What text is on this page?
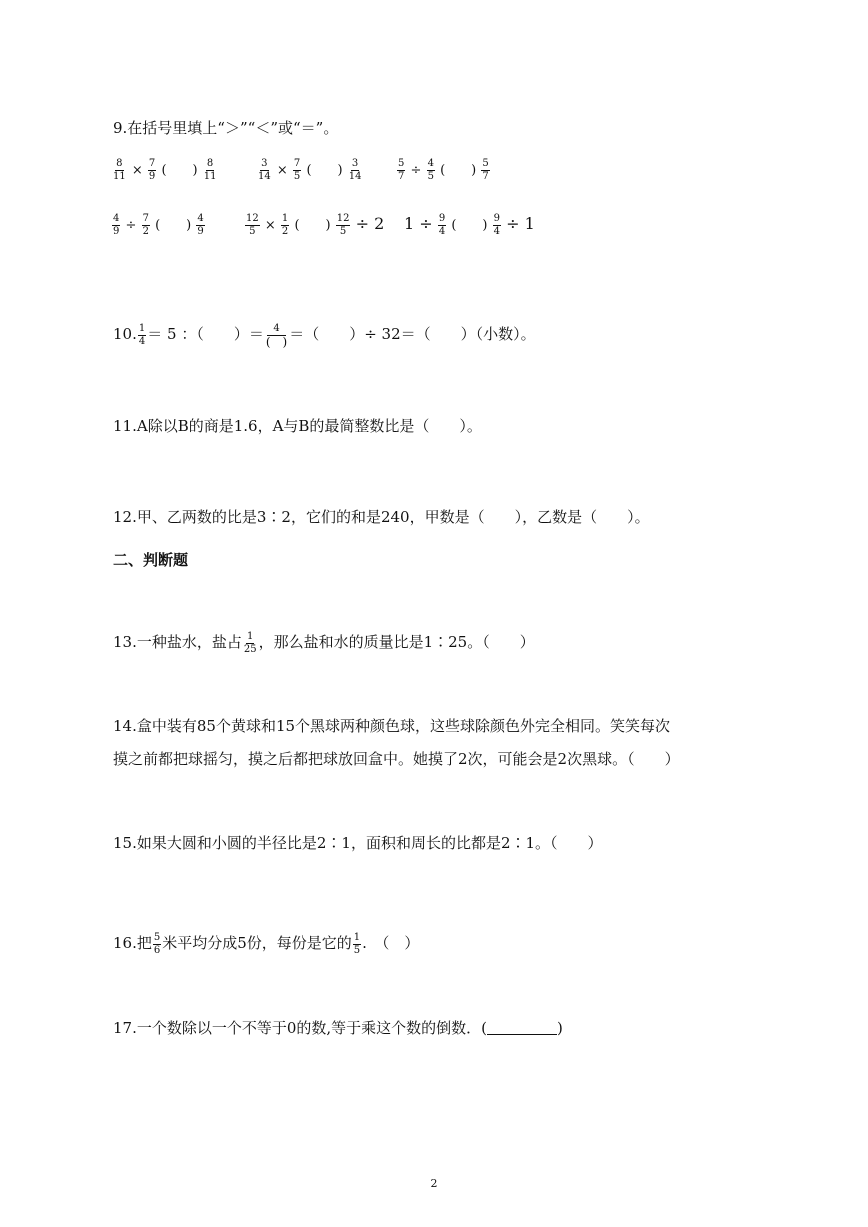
9.在括号里填上“＞”“＜”或“＝”。
$\frac{8}{11} \times \frac{7}{9}$ (　　) $\frac{8}{11}$	$\frac{3}{14} \times \frac{7}{5}$ (　　) $\frac{3}{14}$	$\frac{5}{7} \div \frac{4}{5}$ (　　) $\frac{5}{7}$
$\frac{4}{9} \div \frac{7}{2}$ (　　) $\frac{4}{9}$	$\frac{12}{5} \times \frac{1}{2}$ (　　) $\frac{12}{5} \div 2$ $1 \div \frac{9}{4}$ (　　) $\frac{9}{4} \div 1$
10. $\frac{1}{4} = 5$ ：（　　）＝ $\frac{4}{( )}$ ＝（　　）÷ 32＝（　　）（小数）。
11.A除以B的商是1.6，A与B的最简整数比是（　　）。
12.甲、乙两数的比是3∶2，它们的和是240，甲数是（　　），乙数是（　　）。
二、判断题
13.一种盐水，盐占 $\frac{1}{25}$ ，那么盐和水的质量比是1∶25。（　　）
14.盒中装有85个黄球和15个黑球两种颜色球，这些球除颜色外完全相同。笑笑每次
摸之前都把球摇匀，摸之后都把球放回盒中。她摸了2次，可能会是2次黑球。（　　）
15.如果大圆和小圆的半径比是2∶1，面积和周长的比都是2∶1。（　　）
16.把 $\frac{5}{6}$ 米平均分成5份，每份是它的 $\frac{1}{5}$ .　（　）
17.一个数除以一个不等于0的数,等于乘这个数的倒数．(	)
2
